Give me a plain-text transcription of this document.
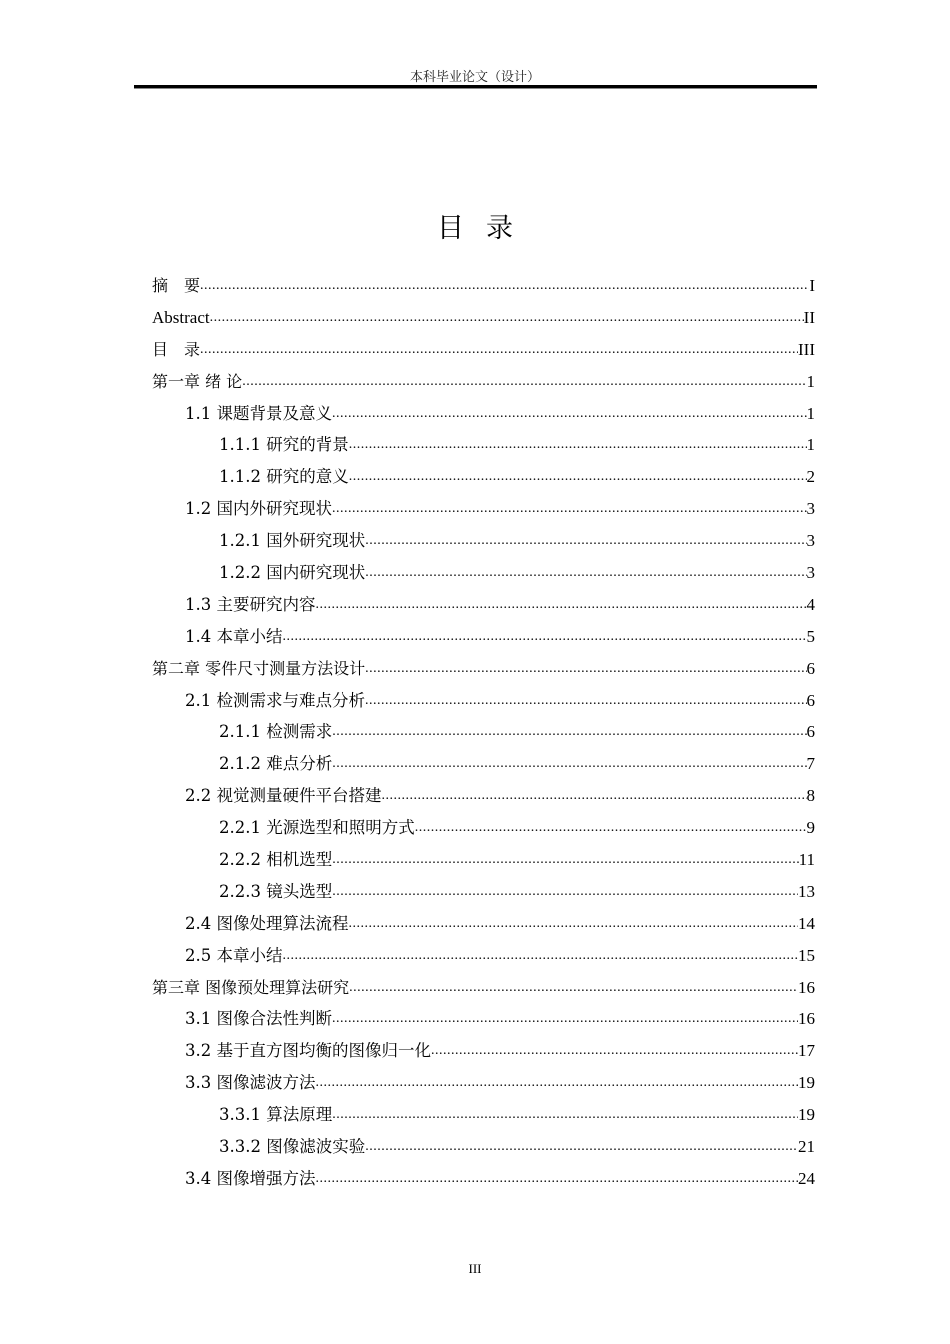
本科毕业论文（设计）
目录
摘　要 .....	I
Abstract .....	II
目　录 .....	III
第一章 绪 论 .....	1
1.1 课题背景及意义 .....	1
1.1.1 研究的背景 .....	1
1.1.2 研究的意义 .....	2
1.2 国内外研究现状 .....	3
1.2.1 国外研究现状 .....	3
1.2.2 国内研究现状 .....	3
1.3 主要研究内容 .....	4
1.4 本章小结 .....	5
第二章 零件尺寸测量方法设计 .....	6
2.1 检测需求与难点分析 .....	6
2.1.1 检测需求 .....	6
2.1.2 难点分析 .....	7
2.2 视觉测量硬件平台搭建 .....	8
2.2.1 光源选型和照明方式 .....	9
2.2.2 相机选型 .....	11
2.2.3 镜头选型 .....	13
2.4 图像处理算法流程 .....	14
2.5 本章小结 .....	15
第三章 图像预处理算法研究 .....	16
3.1 图像合法性判断 .....	16
3.2 基于直方图均衡的图像归一化 .....	17
3.3 图像滤波方法 .....	19
3.3.1 算法原理 .....	19
3.3.2 图像滤波实验 .....	21
3.4 图像增强方法 .....	24
III
